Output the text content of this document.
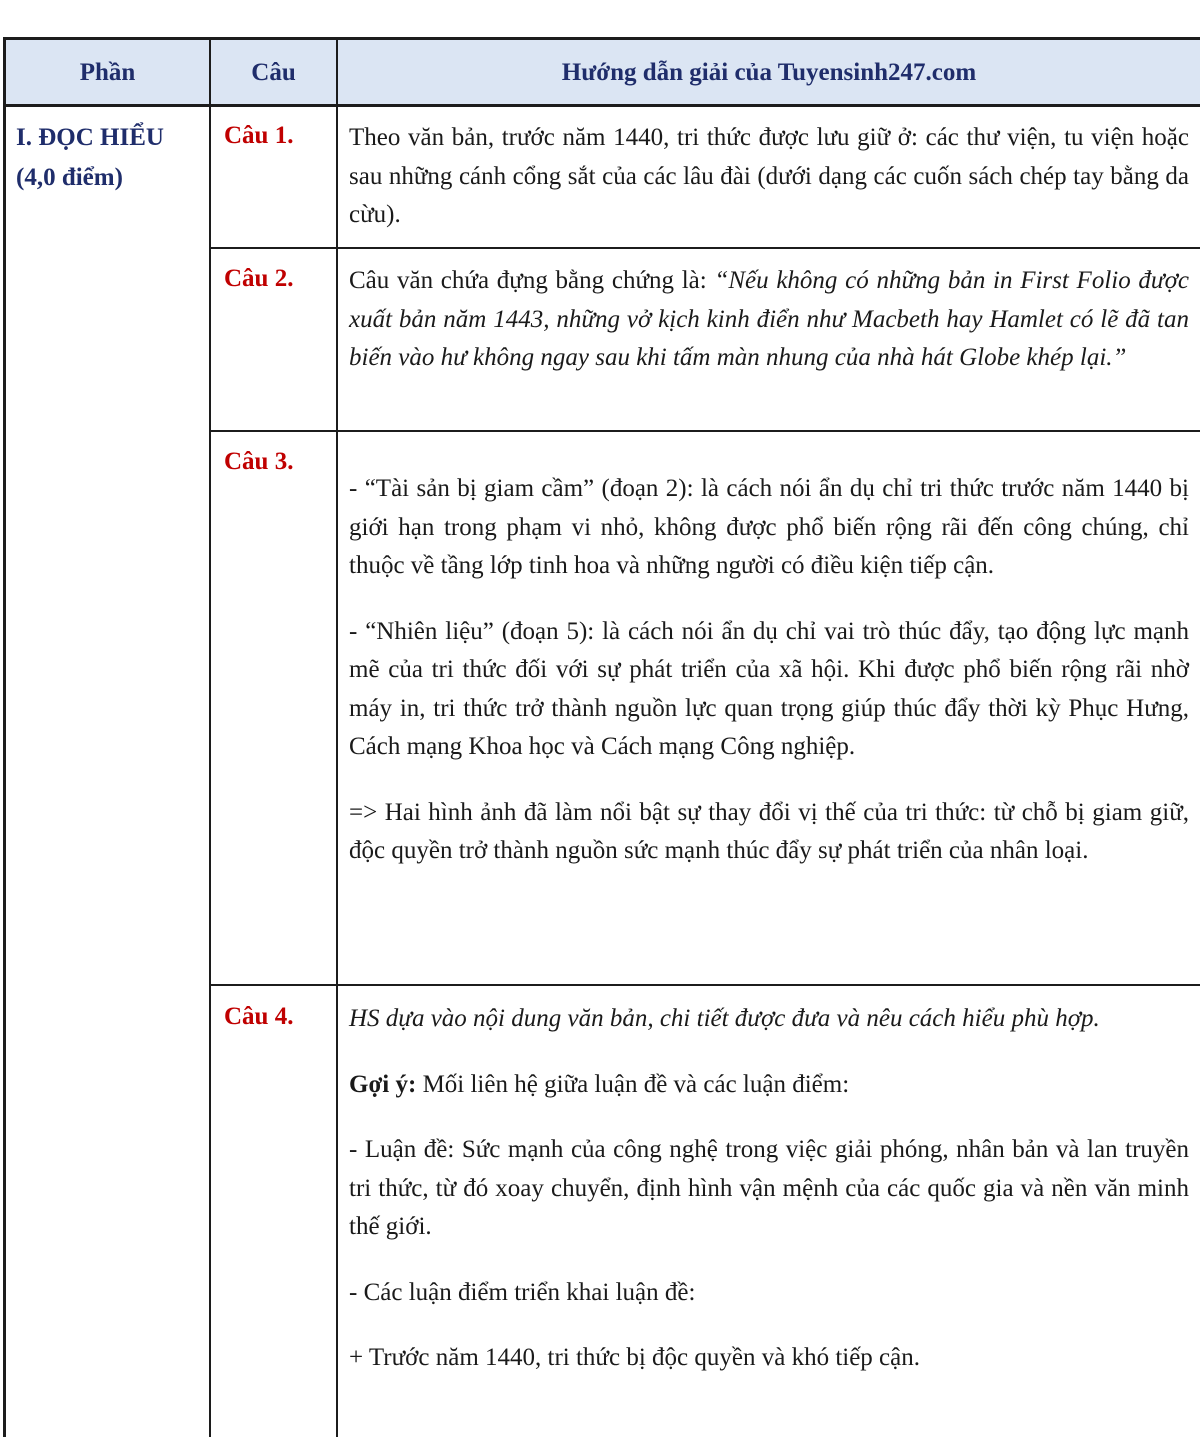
Phần	Câu	Hướng dẫn giải của Tuyensinh247.com
I. ĐỌC HIỂU
(4,0 điểm)
Câu 1. Theo văn bản, trước năm 1440, tri thức được lưu giữ ở: các thư viện, tu viện hoặc sau những cánh cổng sắt của các lâu đài (dưới dạng các cuốn sách chép tay bằng da cừu).

Câu 2. Câu văn chứa đựng bằng chứng là: “Nếu không có những bản in First Folio được xuất bản năm 1443, những vở kịch kinh điển như Macbeth hay Hamlet có lẽ đã tan biến vào hư không ngay sau khi tấm màn nhung của nhà hát Globe khép lại.”

Câu 3.

- “Tài sản bị giam cầm” (đoạn 2): là cách nói ẩn dụ chỉ tri thức trước năm 1440 bị giới hạn trong phạm vi nhỏ, không được phổ biến rộng rãi đến công chúng, chỉ thuộc về tầng lớp tinh hoa và những người có điều kiện tiếp cận.

- “Nhiên liệu” (đoạn 5): là cách nói ẩn dụ chỉ vai trò thúc đẩy, tạo động lực mạnh mẽ của tri thức đối với sự phát triển của xã hội. Khi được phổ biến rộng rãi nhờ máy in, tri thức trở thành nguồn lực quan trọng giúp thúc đẩy thời kỳ Phục Hưng, Cách mạng Khoa học và Cách mạng Công nghiệp.

=> Hai hình ảnh đã làm nổi bật sự thay đổi vị thế của tri thức: từ chỗ bị giam giữ, độc quyền trở thành nguồn sức mạnh thúc đẩy sự phát triển của nhân loại.

Câu 4. HS dựa vào nội dung văn bản, chi tiết được đưa và nêu cách hiểu phù hợp.

Gợi ý: Mối liên hệ giữa luận đề và các luận điểm:

- Luận đề: Sức mạnh của công nghệ trong việc giải phóng, nhân bản và lan truyền tri thức, từ đó xoay chuyển, định hình vận mệnh của các quốc gia và nền văn minh thế giới.

- Các luận điểm triển khai luận đề:

+ Trước năm 1440, tri thức bị độc quyền và khó tiếp cận.
